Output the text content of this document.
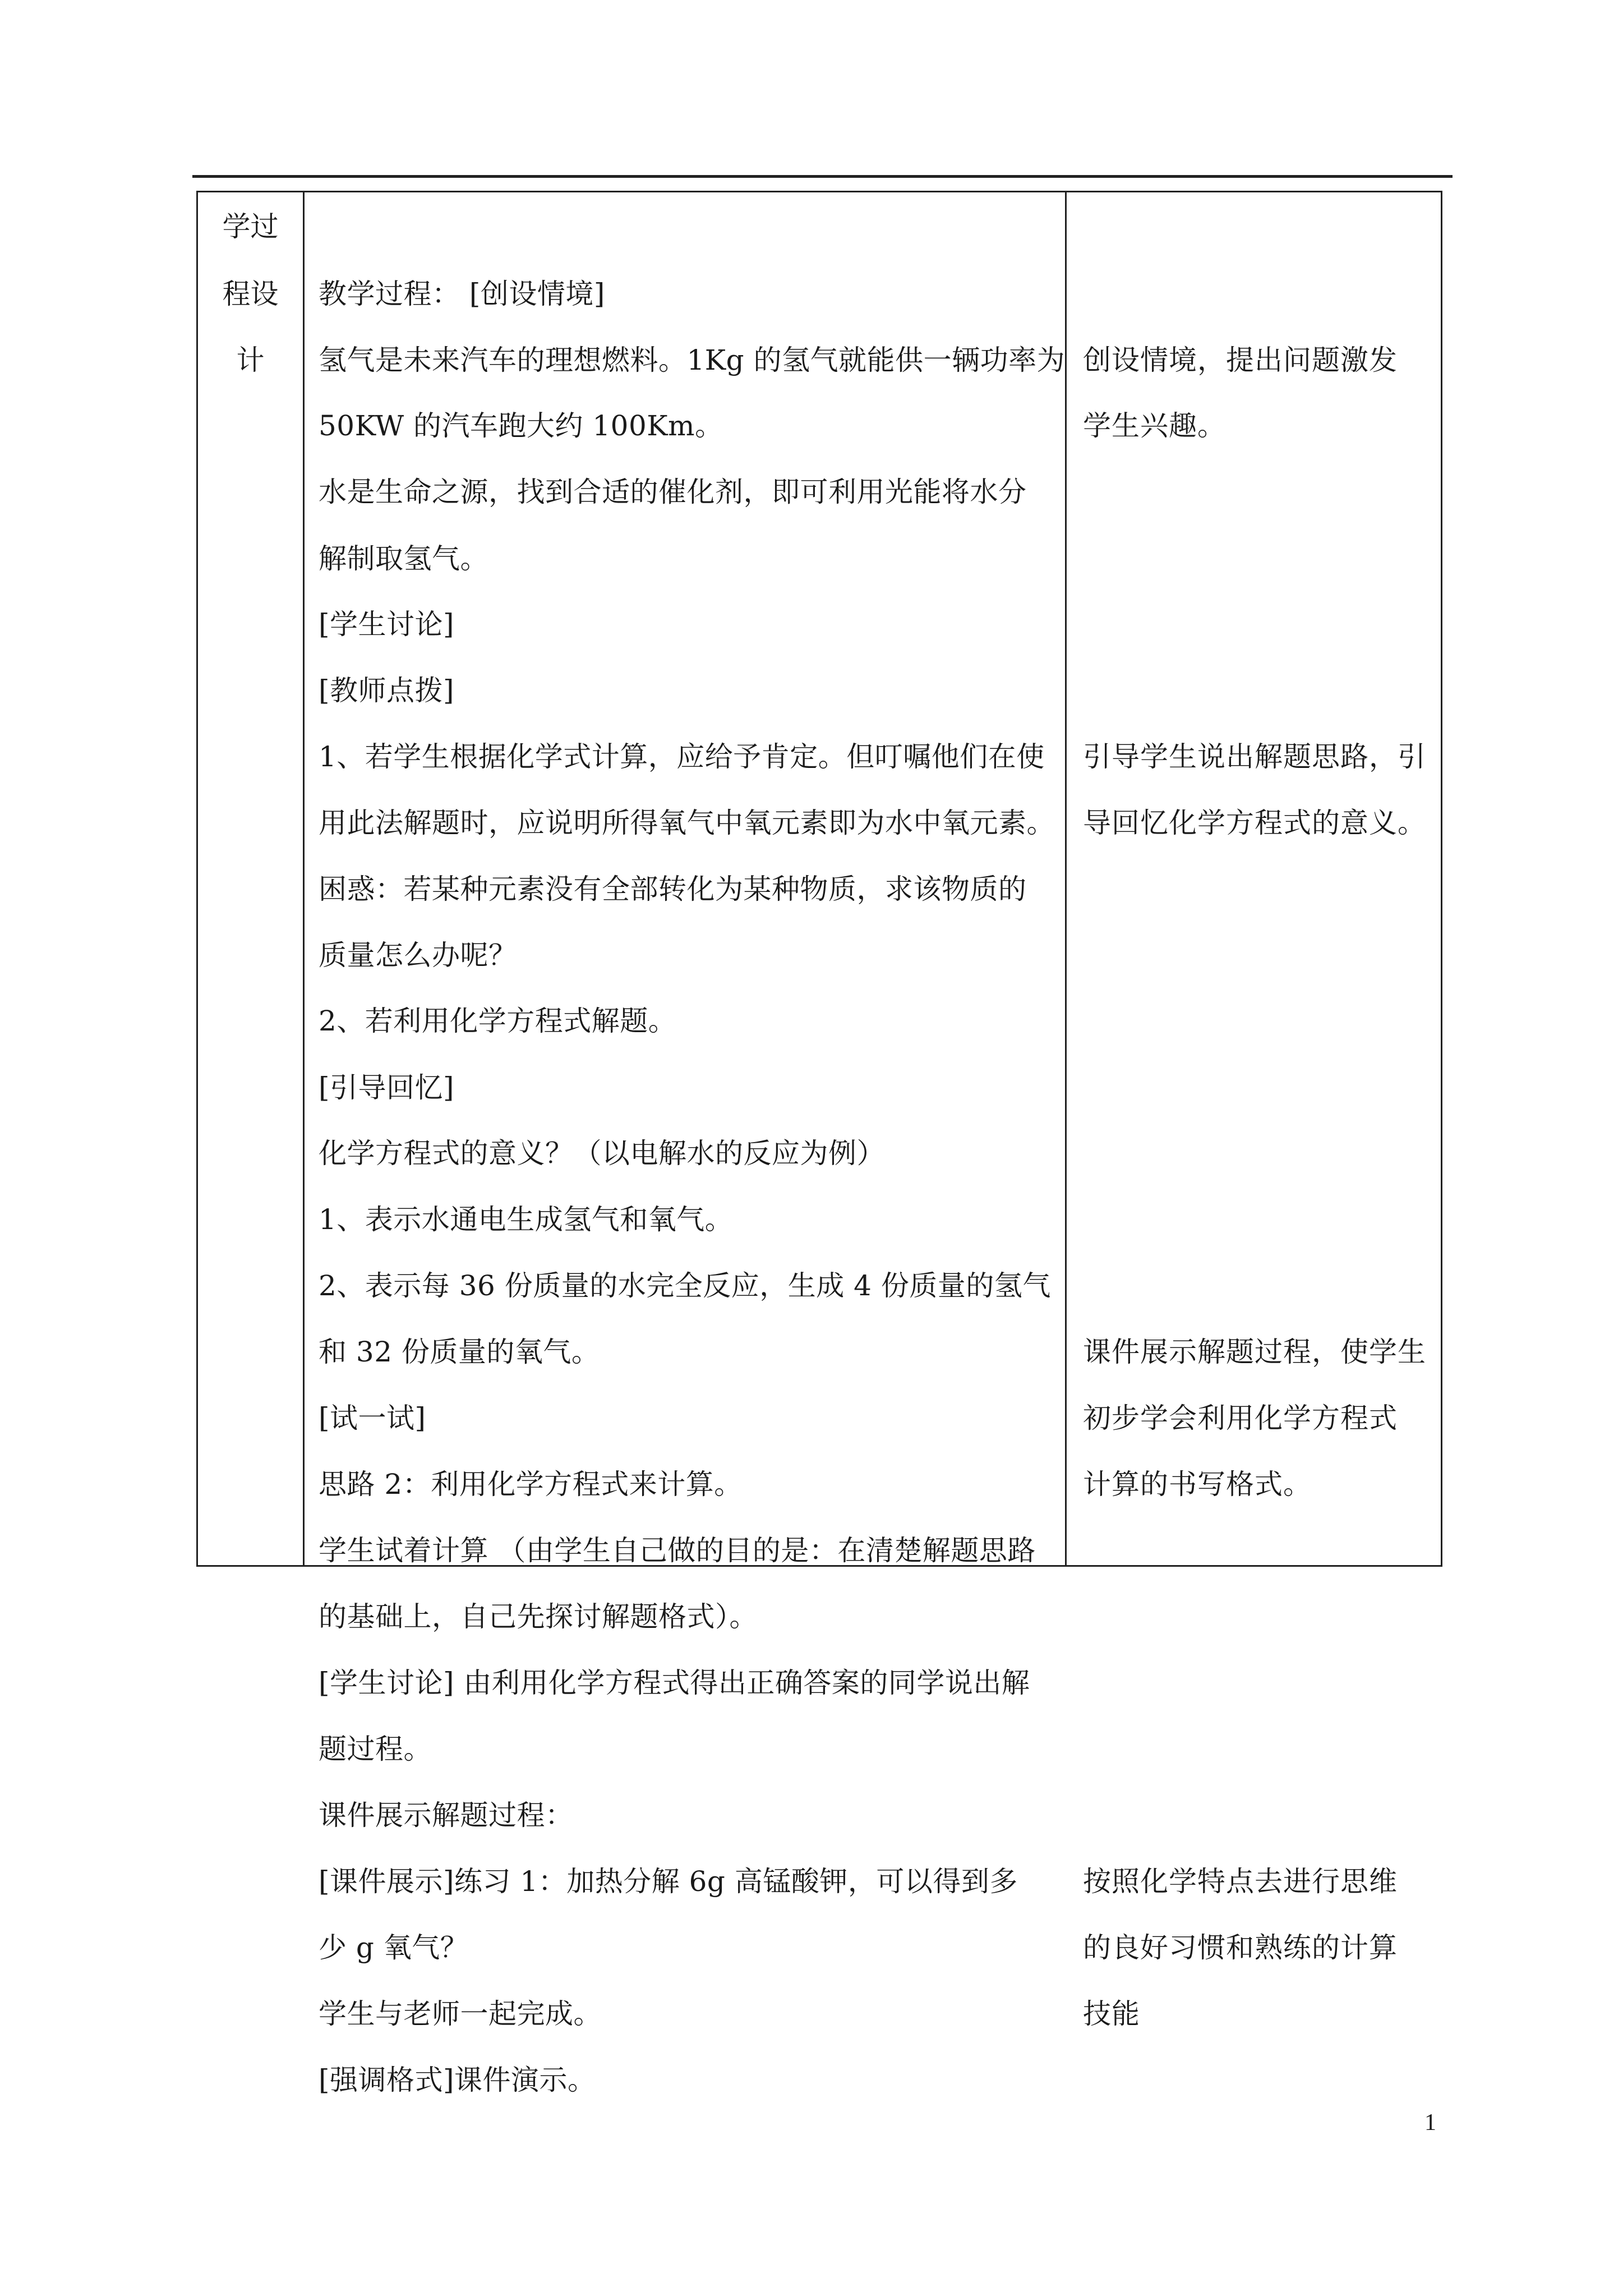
学过
程设
计
教学过程： [创设情境]
氢气是未来汽车的理想燃料。1Kg 的氢气就能供一辆功率为
50KW 的汽车跑大约 100Km。
水是生命之源，找到合适的催化剂，即可利用光能将水分
解制取氢气。
[学生讨论]
[教师点拨]
1、若学生根据化学式计算，应给予肯定。但叮嘱他们在使
用此法解题时，应说明所得氧气中氧元素即为水中氧元素。
困惑：若某种元素没有全部转化为某种物质，求该物质的
质量怎么办呢？
2、若利用化学方程式解题。
[引导回忆]
化学方程式的意义？（以电解水的反应为例）
1、表示水通电生成氢气和氧气。
2、表示每 36 份质量的水完全反应，生成 4 份质量的氢气
和 32 份质量的氧气。
[试一试]
思路 2：利用化学方程式来计算。
学生试着计算 （由学生自己做的目的是：在清楚解题思路
的基础上，自己先探讨解题格式）。
[学生讨论] 由利用化学方程式得出正确答案的同学说出解
题过程。
课件展示解题过程：
[课件展示]练习 1：加热分解 6g 高锰酸钾，可以得到多
少 g 氧气？
学生与老师一起完成。
[强调格式]课件演示。
创设情境，提出问题激发
学生兴趣。
引导学生说出解题思路，引
导回忆化学方程式的意义。
课件展示解题过程，使学生
初步学会利用化学方程式
计算的书写格式。
按照化学特点去进行思维
的良好习惯和熟练的计算
技能
1
